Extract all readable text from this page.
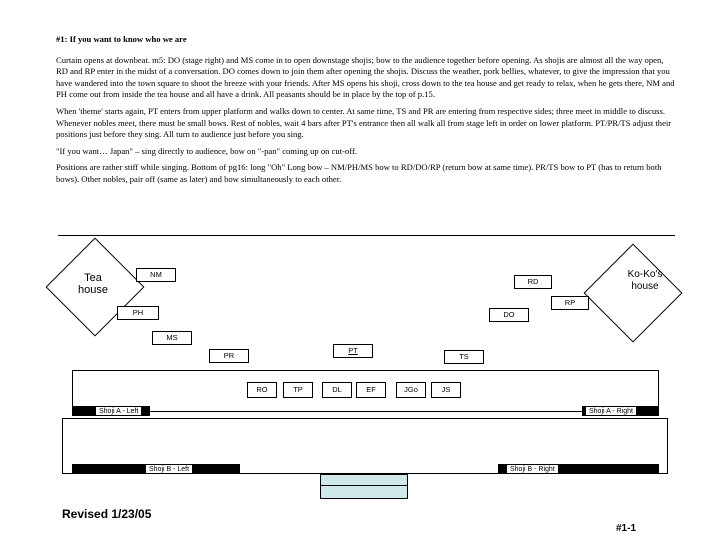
#1: If you want to know who we are

Curtain opens at downbeat. m5: DO (stage right) and MS come in to open downstage shojis; bow to the audience together before opening. As shojis are almost all the way open, RD and RP enter in the midst of a conversation. DO comes down to join them after opening the shojis. Discuss the weather, pork bellies, whatever, to give the impression that you have wandered into the town square to shoot the breeze with your friends. After MS opens his shoji, cross down to the tea house and get ready to relax, when he gets there, NM and PH come out from inside the tea house and all have a drink. All peasants should be in place by the top of p.15.

When 'theme' starts again, PT enters from upper platform and walks down to center. At same time, TS and PR are entering from respective sides; three meet in middle to discuss. Whenever nobles meet, there must be small bows. Rest of nobles, wait 4 bars after PT's entrance then all walk all from stage left in order on lower platform. PT/PR/TS adjust their positions just before they sing. All turn to audience just before you sing.

"If you want… Japan" – sing directly to audience, bow on "-pan" coming up on cut-off.

Positions are rather stiff while singing. Bottom of pg16: long "Oh" Long bow – NM/PH/MS bow to RD/DO/RP (return bow at same time). PR/TS bow to PT (has to return both bows). Other nobles, pair off (same as later) and bow simultaneously to each other.

Tea
house
Ko-Ko's
house
NM
PH
MS
PR
PT
TS
RD
RP
DO
RO	TP	DL	EF	JGo	JS
Shoji A - Left	Shoji A - Right
Shoji B - Left	Shoji B - Right
Revised 1/23/05
#1-1
